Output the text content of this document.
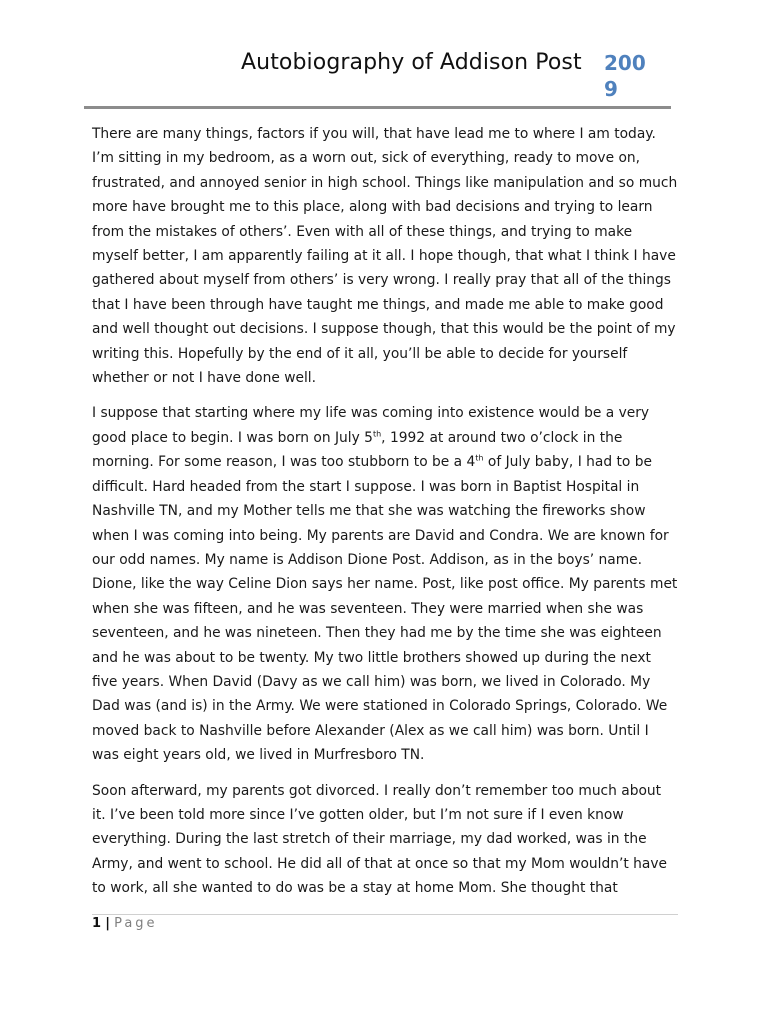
Autobiography of Addison Post 2009

There are many things, factors if you will, that have lead me to where I am today. I’m sitting in my bedroom, as a worn out, sick of everything, ready to move on, frustrated, and annoyed senior in high school. Things like manipulation and so much more have brought me to this place, along with bad decisions and trying to learn from the mistakes of others’. Even with all of these things, and trying to make myself better, I am apparently failing at it all. I hope though, that what I think I have gathered about myself from others’ is very wrong. I really pray that all of the things that I have been through have taught me things, and made me able to make good and well thought out decisions. I suppose though, that this would be the point of my writing this. Hopefully by the end of it all, you’ll be able to decide for yourself whether or not I have done well.

I suppose that starting where my life was coming into existence would be a very good place to begin. I was born on July 5th, 1992 at around two o’clock in the morning. For some reason, I was too stubborn to be a 4th of July baby, I had to be difficult. Hard headed from the start I suppose. I was born in Baptist Hospital in Nashville TN, and my Mother tells me that she was watching the fireworks show when I was coming into being. My parents are David and Condra. We are known for our odd names. My name is Addison Dione Post. Addison, as in the boys’ name. Dione, like the way Celine Dion says her name. Post, like post office. My parents met when she was fifteen, and he was seventeen. They were married when she was seventeen, and he was nineteen. Then they had me by the time she was eighteen and he was about to be twenty. My two little brothers showed up during the next five years. When David (Davy as we call him) was born, we lived in Colorado. My Dad was (and is) in the Army. We were stationed in Colorado Springs, Colorado. We moved back to Nashville before Alexander (Alex as we call him) was born. Until I was eight years old, we lived in Murfresboro TN.

Soon afterward, my parents got divorced. I really don’t remember too much about it. I’ve been told more since I’ve gotten older, but I’m not sure if I even know everything. During the last stretch of their marriage, my dad worked, was in the Army, and went to school. He did all of that at once so that my Mom wouldn’t have to work, all she wanted to do was be a stay at home Mom. She thought that

1 | Page
